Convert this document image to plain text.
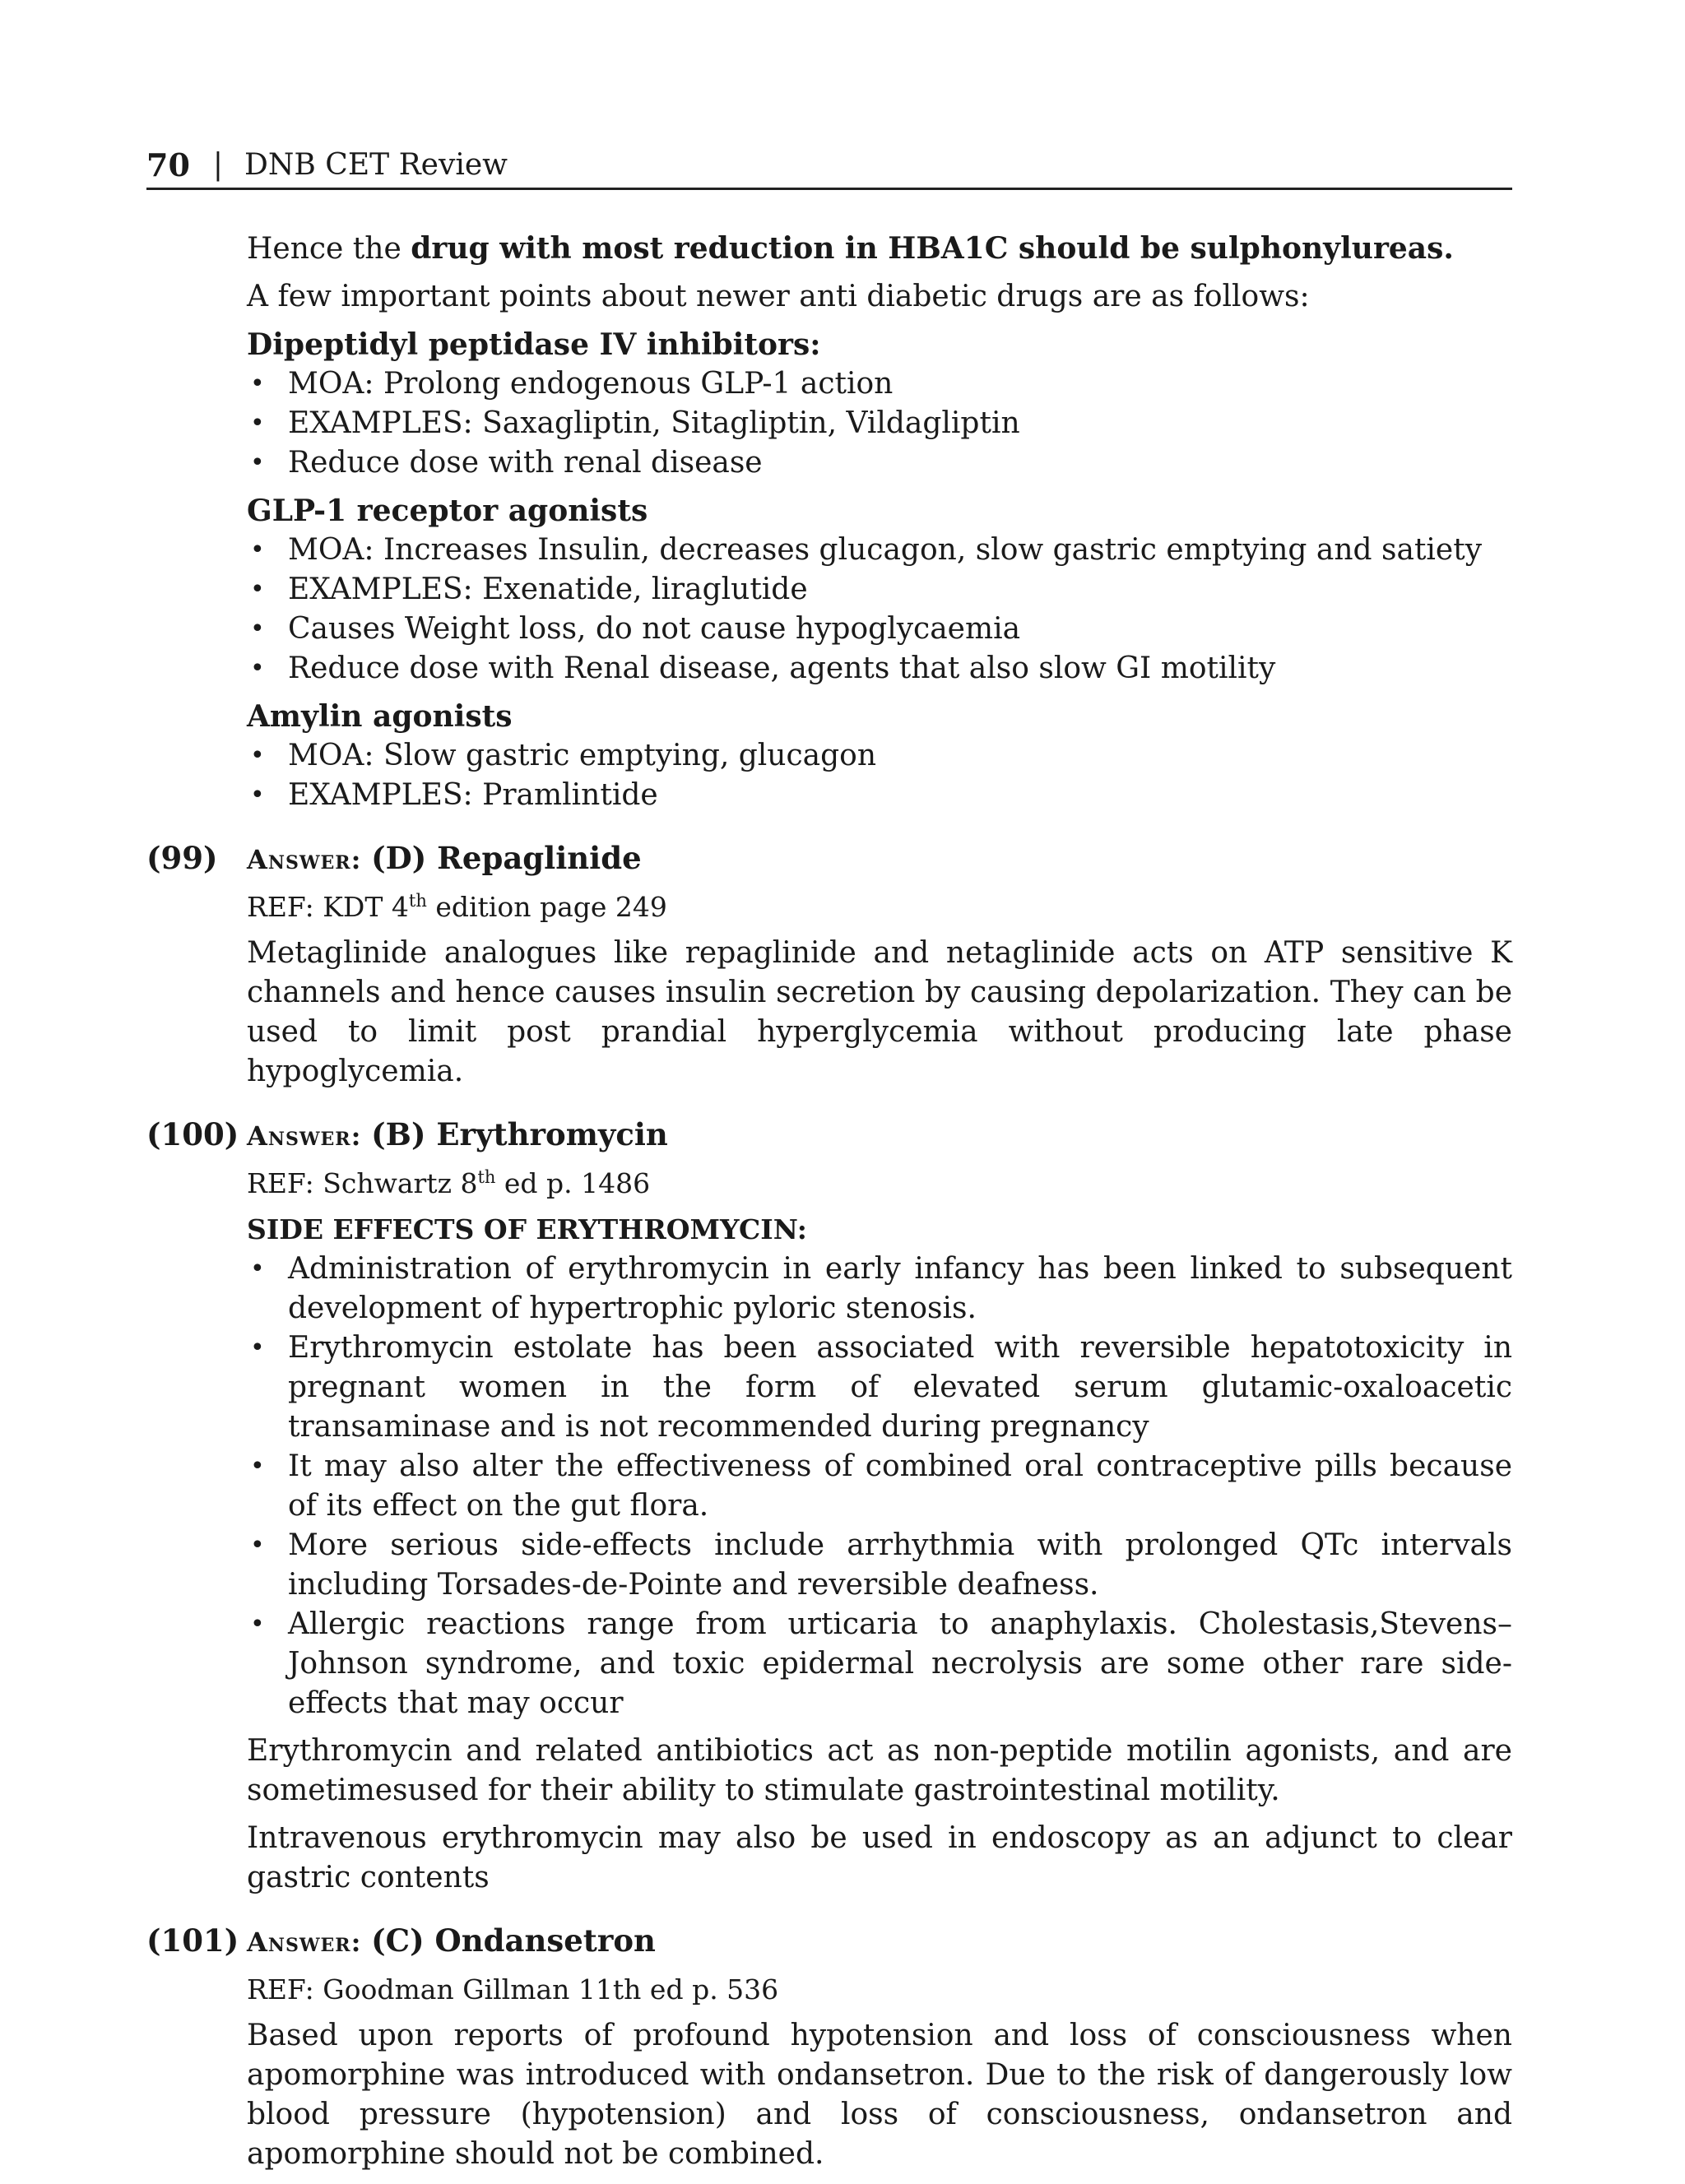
70 | DNB CET Review

Hence the drug with most reduction in HBA1C should be sulphonylureas.

A few important points about newer anti diabetic drugs are as follows:

Dipeptidyl peptidase IV inhibitors:
• MOA: Prolong endogenous GLP-1 action
• EXAMPLES: Saxagliptin, Sitagliptin, Vildagliptin
• Reduce dose with renal disease
GLP-1 receptor agonists
• MOA: Increases Insulin, decreases glucagon, slow gastric emptying and satiety
• EXAMPLES: Exenatide, liraglutide
• Causes Weight loss, do not cause hypoglycaemia
• Reduce dose with Renal disease, agents that also slow GI motility
Amylin agonists
• MOA: Slow gastric emptying, glucagon
• EXAMPLES: Pramlintide
(99) Answer: (D) Repaglinide

REF: KDT 4th edition page 249

Metaglinide analogues like repaglinide and netaglinide acts on ATP sensitive K channels and hence causes insulin secretion by causing depolarization. They can be used to limit post prandial hyperglycemia without producing late phase hypoglycemia.

(100) Answer: (B) Erythromycin

REF: Schwartz 8th ed p. 1486

SIDE EFFECTS OF ERYTHROMYCIN:
• Administration of erythromycin in early infancy has been linked to subsequent development of hypertrophic pyloric stenosis.
• Erythromycin estolate has been associated with reversible hepatotoxicity in pregnant women in the form of elevated serum glutamic-oxaloacetic transaminase and is not recommended during pregnancy
• It may also alter the effectiveness of combined oral contraceptive pills because of its effect on the gut flora.
• More serious side-effects include arrhythmia with prolonged QTc intervals including Torsades-de-Pointe and reversible deafness.
• Allergic reactions range from urticaria to anaphylaxis. Cholestasis,Stevens–Johnson syndrome, and toxic epidermal necrolysis are some other rare side-effects that may occur

Erythromycin and related antibiotics act as non-peptide motilin agonists, and are sometimesused for their ability to stimulate gastrointestinal motility.

Intravenous erythromycin may also be used in endoscopy as an adjunct to clear gastric contents

(101) Answer: (C) Ondansetron

REF: Goodman Gillman 11th ed p. 536

Based upon reports of profound hypotension and loss of consciousness when apomorphine was introduced with ondansetron. Due to the risk of dangerously low blood pressure (hypotension) and loss of consciousness, ondansetron and apomorphine should not be combined.
